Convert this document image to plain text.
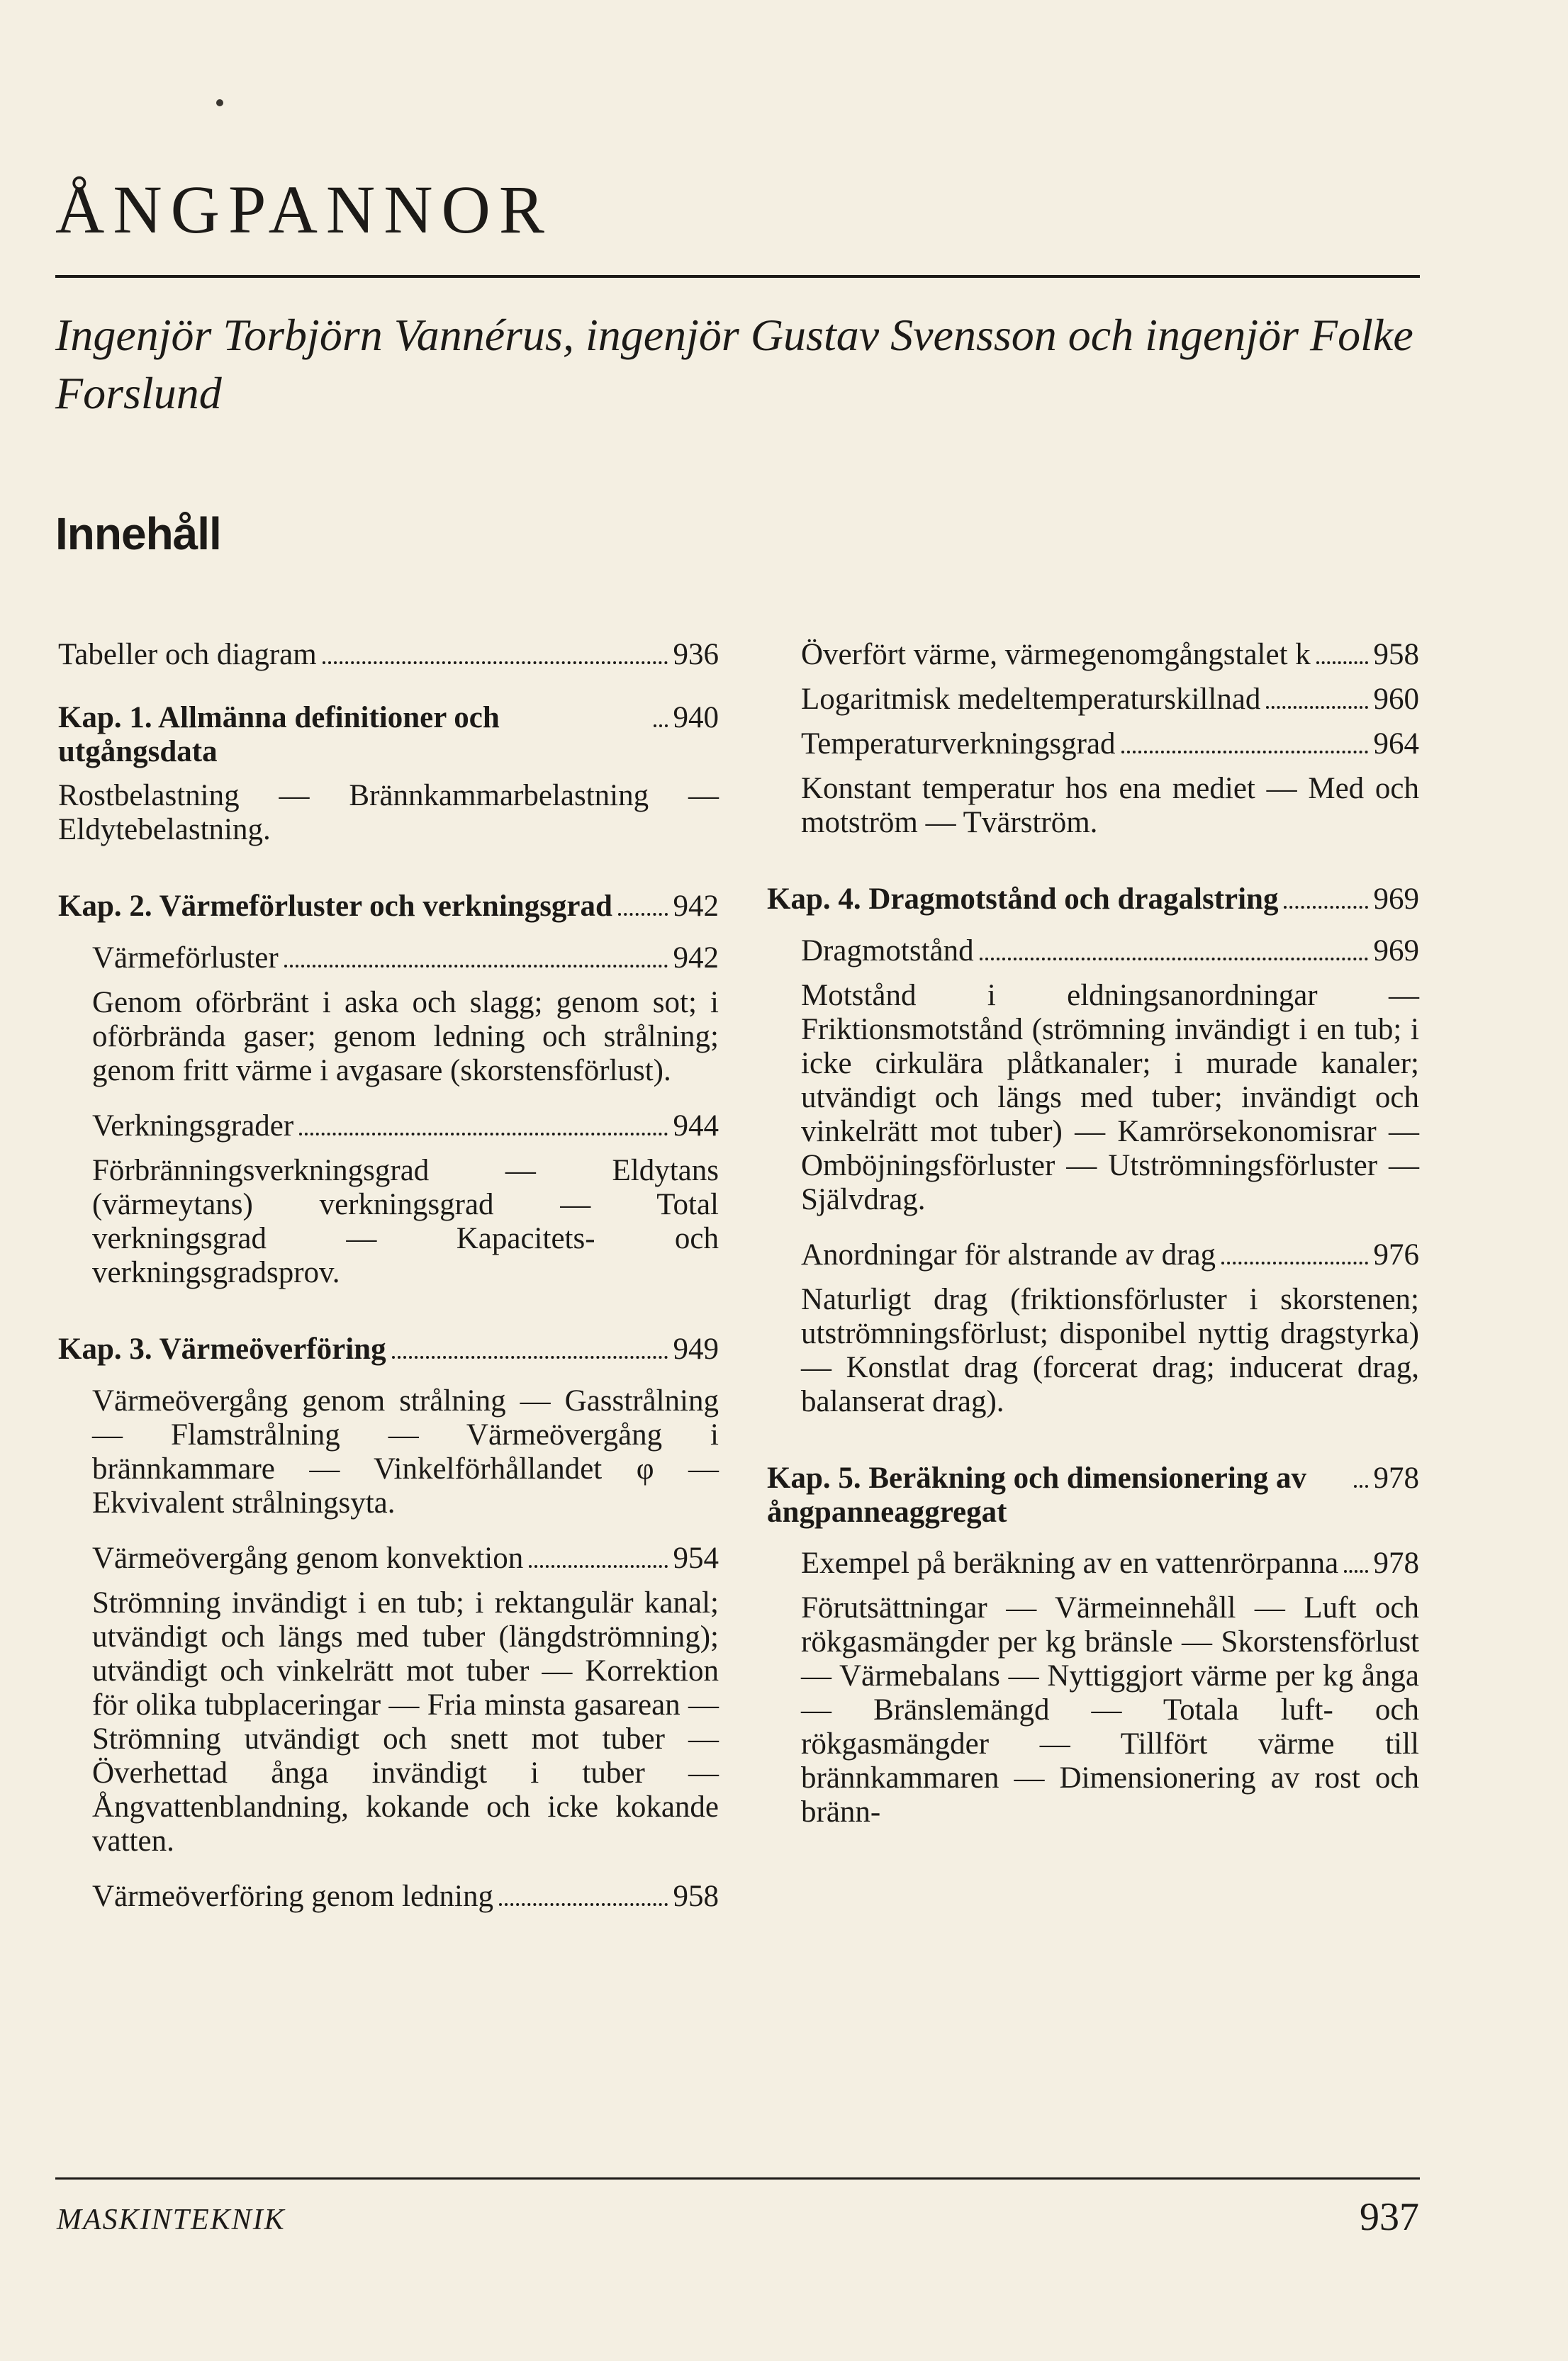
ÅNGPANNOR

Ingenjör Torbjörn Vannérus, ingenjör Gustav Svensson och ingenjör Folke Forslund

Innehåll
Tabeller och diagram	936
Kap. 1. Allmänna definitioner och utgångsdata
940
Rostbelastning — Brännkammarbelastning — Eldytebelastning.
Kap. 2. Värmeförluster och verkningsgrad 942
Värmeförluster	942
Genom oförbränt i aska och slagg; genom sot; i oförbrända gaser; genom ledning och strålning; genom fritt värme i avgasare (skorstensförlust).
Verkningsgrader	944
Förbränningsverkningsgrad — Eldytans (värmeytans) verkningsgrad — Total verkningsgrad — Kapacitets- och verkningsgradsprov.
Kap. 3. Värmeöverföring	949
Värmeövergång genom strålning — Gasstrålning — Flamstrålning — Värmeövergång i brännkammare — Vinkelförhållandet φ — Ekvivalent strålningsyta.
Värmeövergång genom konvektion	954
Strömning invändigt i en tub; i rektangulär kanal; utvändigt och längs med tuber (längdströmning); utvändigt och vinkelrätt mot tuber — Korrektion för olika tubplaceringar — Fria minsta gasarean — Strömning utvändigt och snett mot tuber — Överhettad ånga invändigt i tuber — Ångvattenblandning, kokande och icke kokande vatten.
Värmeöverföring genom ledning	958
Överfört värme, värmegenomgångstalet k 958
Logaritmisk medeltemperaturskillnad	960
Temperaturverkningsgrad	964
Konstant temperatur hos ena mediet — Med och motström — Tvärström.
Kap. 4. Dragmotstånd och dragalstring	969
Dragmotstånd	969
Motstånd i eldningsanordningar — Friktionsmotstånd (strömning invändigt i en tub; i icke cirkulära plåtkanaler; i murade kanaler; utvändigt och längs med tuber; invändigt och vinkelrätt mot tuber) — Kamrörsekonomisrar — Omböjningsförluster — Utströmningsförluster — Självdrag.
Anordningar för alstrande av drag	976
Naturligt drag (friktionsförluster i skorstenen; utströmningsförlust; disponibel nyttig dragstyrka) — Konstlat drag (forcerat drag; inducerat drag, balanserat drag).
Kap. 5. Beräkning och dimensionering av ångpanneaggregat
978
Exempel på beräkning av en vattenrörpanna 978
Förutsättningar — Värmeinnehåll — Luft och rökgasmängder per kg bränsle — Skorstensförlust — Värmebalans — Nyttiggjort värme per kg ånga — Bränslemängd — Totala luft- och rökgasmängder — Tillfört värme till brännkammaren — Dimensionering av rost och bränn-
MASKINTEKNIK	937
